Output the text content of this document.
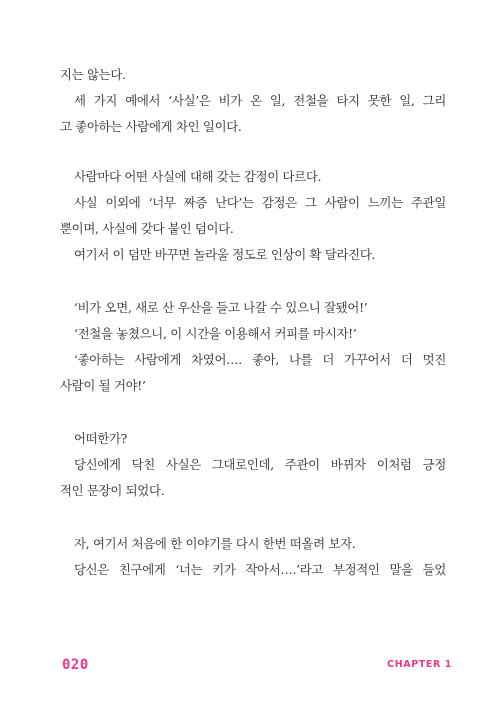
지는 않는다.
세 가지 예에서 ‘사실’은 비가 온 일, 전철을 타지 못한 일, 그리
고 좋아하는 사람에게 차인 일이다.
사람마다 어떤 사실에 대해 갖는 감정이 다르다.
사실 이외에 ‘너무 짜증 난다’는 감정은 그 사람이 느끼는 주관일
뿐이며, 사실에 갖다 붙인 덤이다.
여기서 이 덤만 바꾸면 놀라울 정도로 인상이 확 달라진다.
‘비가 오면, 새로 산 우산을 들고 나갈 수 있으니 잘됐어!’
‘전철을 놓쳤으니, 이 시간을 이용해서 커피를 마시자!’
‘좋아하는 사람에게 차였어…. 좋아, 나를 더 가꾸어서 더 멋진
사람이 될 거야!’
어떠한가?
당신에게 닥친 사실은 그대로인데, 주관이 바뀌자 이처럼 긍정
적인 문장이 되었다.
자, 여기서 처음에 한 이야기를 다시 한번 떠올려 보자.
당신은 친구에게 ‘너는 키가 작아서….’라고 부정적인 말을 들었
020	CHAPTER 1
